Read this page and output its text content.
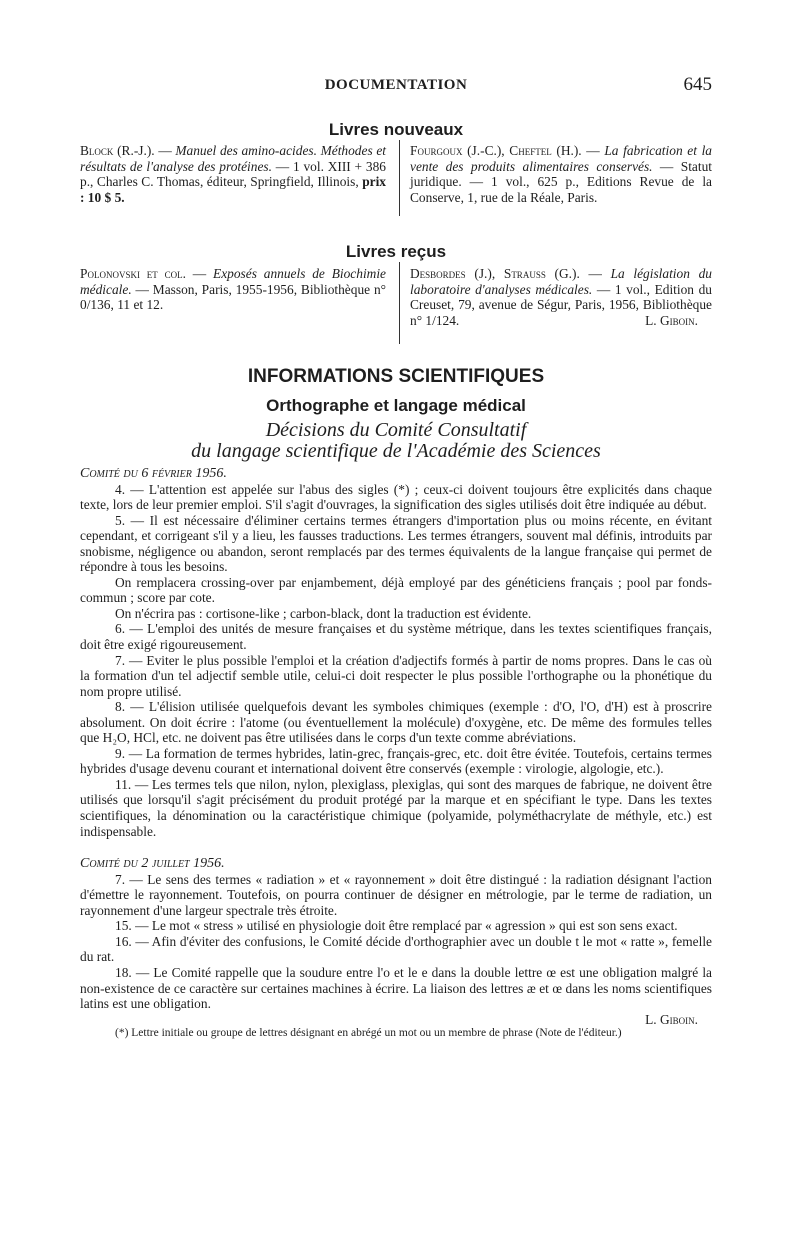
DOCUMENTATION	645
Livres nouveaux

Block (R.-J.). — Manuel des amino-acides. Méthodes et résultats de l'analyse des protéines. — 1 vol. XIII + 386 p., Charles C. Thomas, éditeur, Springfield, Illinois, prix : 10 $ 5.

Fourgoux (J.-C.), Cheftel (H.). — La fabrication et la vente des produits alimentaires conservés. — Statut juridique. — 1 vol., 625 p., Editions Revue de la Conserve, 1, rue de la Réale, Paris.

Livres reçus

Polonovski et col. — Exposés annuels de Biochimie médicale. — Masson, Paris, 1955-1956, Bibliothèque n° 0/136, 11 et 12.

Desbordes (J.), Strauss (G.). — La législation du laboratoire d'analyses médicales. — 1 vol., Edition du Creuset, 79, avenue de Ségur, Paris, 1956, Bibliothèque n° 1/124.	L. Giboin.

INFORMATIONS SCIENTIFIQUES
Orthographe et langage médical
Décisions du Comité Consultatif
du langage scientifique de l'Académie des Sciences

Comité du 6 février 1956.

4. — L'attention est appelée sur l'abus des sigles (*) ; ceux-ci doivent toujours être explicités dans chaque texte, lors de leur premier emploi. S'il s'agit d'ouvrages, la signification des sigles utilisés doit être indiquée au début.

5. — Il est nécessaire d'éliminer certains termes étrangers d'importation plus ou moins récente, en évitant cependant, et corrigeant s'il y a lieu, les fausses traductions. Les termes étrangers, souvent mal définis, introduits par snobisme, négligence ou abandon, seront remplacés par des termes équivalents de la langue française qui permet de répondre à tous les besoins.

On remplacera crossing-over par enjambement, déjà employé par des généticiens français ; pool par fonds-commun ; score par cote.

On n'écrira pas : cortisone-like ; carbon-black, dont la traduction est évidente.

6. — L'emploi des unités de mesure françaises et du système métrique, dans les textes scientifiques français, doit être exigé rigoureusement.

7. — Eviter le plus possible l'emploi et la création d'adjectifs formés à partir de noms propres. Dans le cas où la formation d'un tel adjectif semble utile, celui-ci doit respecter le plus possible l'orthographe ou la phonétique du nom propre utilisé.

8. — L'élision utilisée quelquefois devant les symboles chimiques (exemple : d'O, l'O, d'H) est à proscrire absolument. On doit écrire : l'atome (ou éventuellement la molécule) d'oxygène, etc. De même des formules telles que H₂O, HCl, etc. ne doivent pas être utilisées dans le corps d'un texte comme abréviations.

9. — La formation de termes hybrides, latin-grec, français-grec, etc. doit être évitée. Toutefois, certains termes hybrides d'usage devenu courant et international doivent être conservés (exemple : virologie, algologie, etc.).

11. — Les termes tels que nilon, nylon, plexiglass, plexiglas, qui sont des marques de fabrique, ne doivent être utilisés que lorsqu'il s'agit précisément du produit protégé par la marque et en spécifiant le type. Dans les textes scientifiques, la dénomination ou la caractéristique chimique (polyamide, polyméthacrylate de méthyle, etc.) est indispensable.

Comité du 2 juillet 1956.

7. — Le sens des termes « radiation » et « rayonnement » doit être distingué : la radiation désignant l'action d'émettre le rayonnement. Toutefois, on pourra continuer de désigner en métrologie, par le terme de radiation, un rayonnement d'une largeur spectrale très étroite.

15. — Le mot « stress » utilisé en physiologie doit être remplacé par « agression » qui est son sens exact.

16. — Afin d'éviter des confusions, le Comité décide d'orthographier avec un double t le mot « ratte », femelle du rat.

18. — Le Comité rappelle que la soudure entre l'o et le e dans la double lettre œ est une obligation malgré la non-existence de ce caractère sur certaines machines à écrire. La liaison des lettres æ et œ dans les noms scientifiques latins est une obligation.

L. Giboin.

(*) Lettre initiale ou groupe de lettres désignant en abrégé un mot ou un membre de phrase (Note de l'éditeur.)
